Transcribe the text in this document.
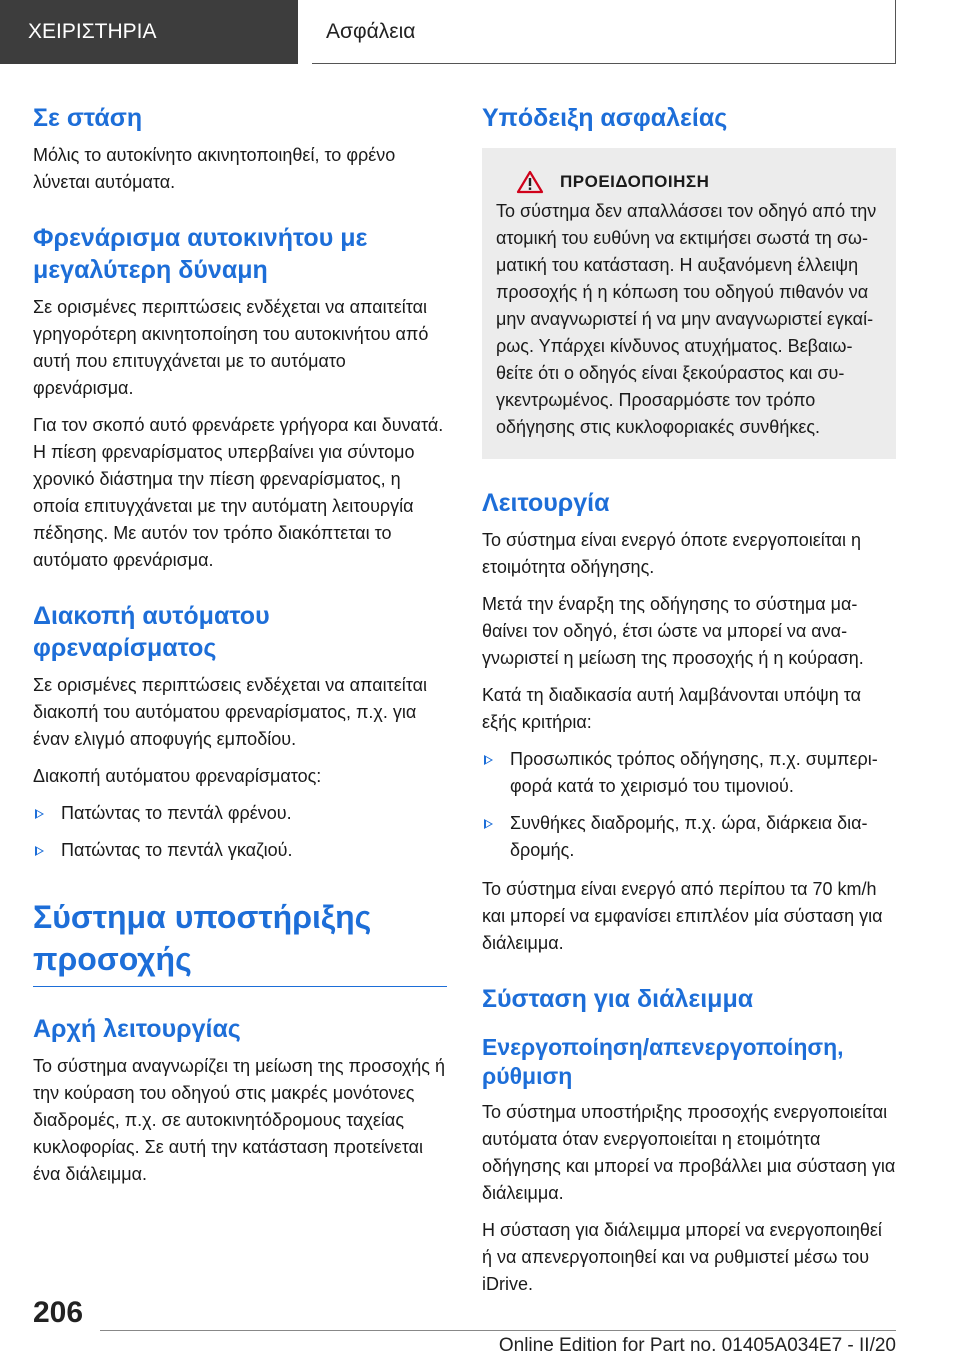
ΧΕΙΡΙΣΤΗΡΙΑ	Ασφάλεια
Σε στάση

Μόλις το αυτοκίνητο ακινητοποιηθεί, το φρένο λύνεται αυτόματα.

Φρενάρισμα αυτοκινήτου με μεγαλύτερη δύναμη

Σε ορισμένες περιπτώσεις ενδέχεται να απαιτείται γρηγορότερη ακινητοποίηση του αυτοκινήτου από αυτή που επιτυγχάνεται με το αυτόματο φρενάρισμα.

Για τον σκοπό αυτό φρενάρετε γρήγορα και δυνατά. Η πίεση φρεναρίσματος υπερβαίνει για σύντομο χρονικό διάστημα την πίεση φρεναρίσματος, η οποία επιτυγχάνεται με την αυτόματη λειτουργία πέδησης. Με αυτόν τον τρόπο διακόπτεται το αυτόματο φρενάρισμα.

Διακοπή αυτόματου φρεναρίσματος

Σε ορισμένες περιπτώσεις ενδέχεται να απαιτείται διακοπή του αυτόματου φρεναρίσματος, π.χ. για έναν ελιγμό αποφυγής εμποδίου.

Διακοπή αυτόματου φρεναρίσματος:

Πατώντας το πεντάλ φρένου.
Πατώντας το πεντάλ γκαζιού.
Σύστημα υποστήριξης προσοχής
Αρχή λειτουργίας

Το σύστημα αναγνωρίζει τη μείωση της προσοχής ή την κούραση του οδηγού στις μακρές μονότονες διαδρομές, π.χ. σε αυτοκινητόδρομους ταχείας κυκλοφορίας. Σε αυτή την κατάσταση προτείνεται ένα διάλειμμα.

Υπόδειξη ασφαλείας
ΠΡΟΕΙΔΟΠΟΙΗΣΗ

Το σύστημα δεν απαλλάσσει τον οδηγό από την ατομική του ευθύνη να εκτιμήσει σωστά τη σωματική του κατάσταση. Η αυξανόμενη έλλειψη προσοχής ή η κόπωση του οδηγού πιθανόν να μην αναγνωριστεί ή να μην αναγνωριστεί εγκαίρως. Υπάρχει κίνδυνος ατυχήματος. Βεβαιωθείτε ότι ο οδηγός είναι ξεκούραστος και συγκεντρωμένος. Προσαρμόστε τον τρόπο οδήγησης στις κυκλοφοριακές συνθήκες.

Λειτουργία

Το σύστημα είναι ενεργό όποτε ενεργοποιείται η ετοιμότητα οδήγησης.

Μετά την έναρξη της οδήγησης το σύστημα μαθαίνει τον οδηγό, έτσι ώστε να μπορεί να αναγνωριστεί η μείωση της προσοχής ή η κούραση.

Κατά τη διαδικασία αυτή λαμβάνονται υπόψη τα εξής κριτήρια:

Προσωπικός τρόπος οδήγησης, π.χ. συμπεριφορά κατά το χειρισμό του τιμονιού.
Συνθήκες διαδρομής, π.χ. ώρα, διάρκεια διαδρομής.

Το σύστημα είναι ενεργό από περίπου τα 70 km/h και μπορεί να εμφανίσει επιπλέον μία σύσταση για διάλειμμα.

Σύσταση για διάλειμμα
Ενεργοποίηση/απενεργοποίηση, ρύθμιση

Το σύστημα υποστήριξης προσοχής ενεργοποιείται αυτόματα όταν ενεργοποιείται η ετοιμότητα οδήγησης και μπορεί να προβάλλει μια σύσταση για διάλειμμα.

Η σύσταση για διάλειμμα μπορεί να ενεργοποιηθεί ή να απενεργοποιηθεί και να ρυθμιστεί μέσω του iDrive.

206
Online Edition for Part no. 01405A034E7 - II/20
